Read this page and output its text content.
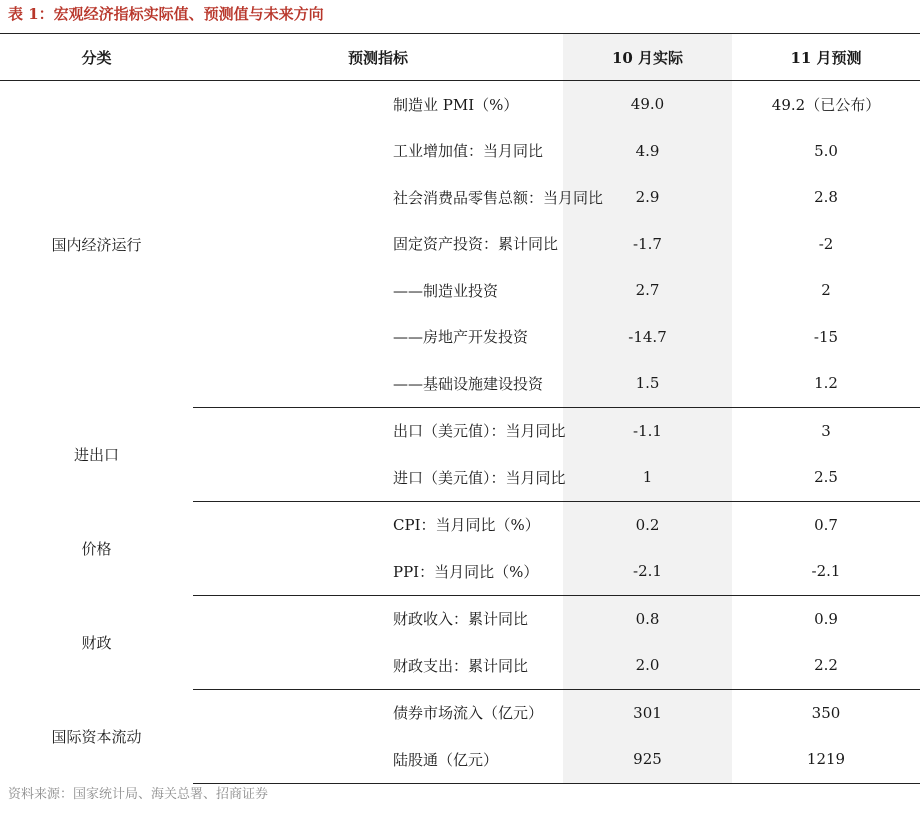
表 1：宏观经济指标实际值、预测值与未来方向
分类	预测指标	10 月实际	11 月预测
国内经济运行	制造业 PMI（%）	49.0	49.2（已公布）
	工业增加值：当月同比	4.9	5.0
	社会消费品零售总额：当月同比	2.9	2.8
	固定资产投资：累计同比	-1.7	-2
	——制造业投资	2.7	2
	——房地产开发投资	-14.7	-15
	——基础设施建设投资	1.5	1.2
进出口	出口（美元值）：当月同比	-1.1	3
	进口（美元值）：当月同比	1	2.5
价格	CPI：当月同比（%）	0.2	0.7
	PPI：当月同比（%）	-2.1	-2.1
财政	财政收入：累计同比	0.8	0.9
	财政支出：累计同比	2.0	2.2
国际资本流动	债券市场流入（亿元）	301	350
	陆股通（亿元）	925	1219
资料来源：国家统计局、海关总署、招商证券
